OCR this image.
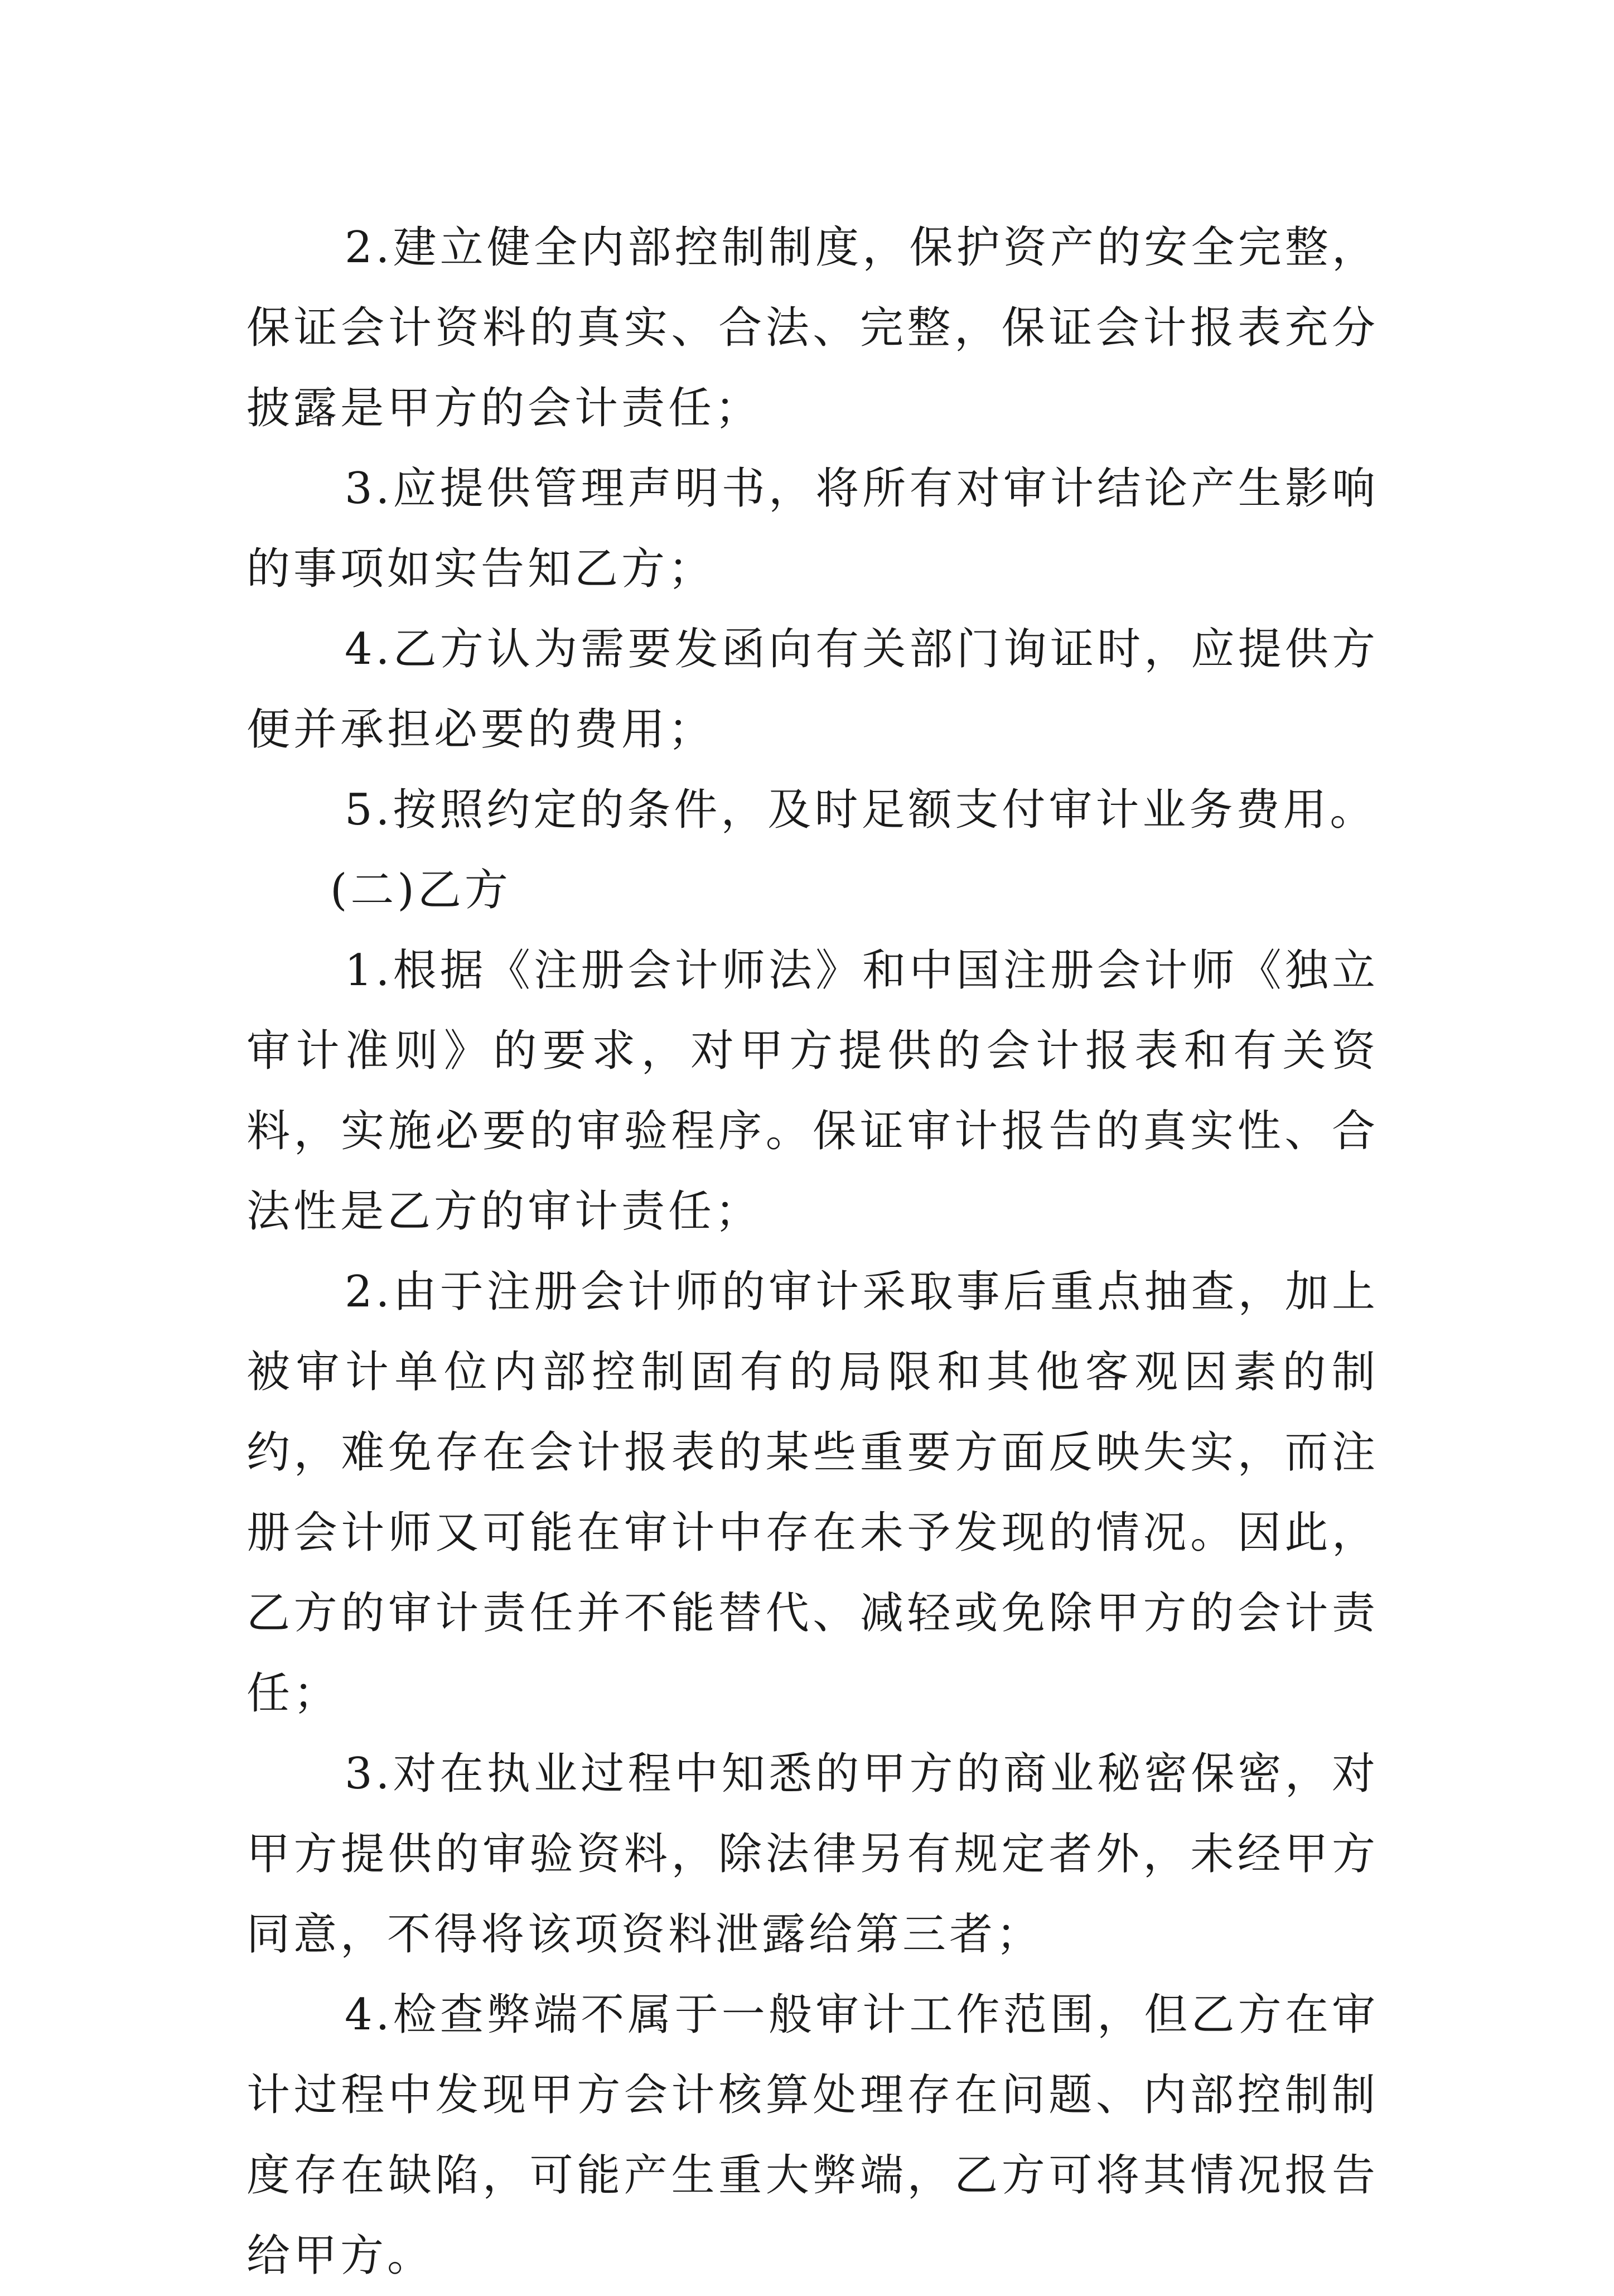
2.建立健全内部控制制度，保护资产的安全完整，保证会计资料的真实、合法、完整，保证会计报表充分披露是甲方的会计责任；

3.应提供管理声明书，将所有对审计结论产生影响的事项如实告知乙方；

4.乙方认为需要发函向有关部门询证时，应提供方便并承担必要的费用；

5.按照约定的条件，及时足额支付审计业务费用。

(二)乙方

1.根据《注册会计师法》和中国注册会计师《独立审计准则》的要求，对甲方提供的会计报表和有关资料，实施必要的审验程序。保证审计报告的真实性、合法性是乙方的审计责任；

2.由于注册会计师的审计采取事后重点抽查，加上被审计单位内部控制固有的局限和其他客观因素的制约，难免存在会计报表的某些重要方面反映失实，而注册会计师又可能在审计中存在未予发现的情况。因此，乙方的审计责任并不能替代、减轻或免除甲方的会计责任；

3.对在执业过程中知悉的甲方的商业秘密保密，对甲方提供的审验资料，除法律另有规定者外，未经甲方同意，不得将该项资料泄露给第三者；

4.检查弊端不属于一般审计工作范围，但乙方在审计过程中发现甲方会计核算处理存在问题、内部控制制度存在缺陷，可能产生重大弊端，乙方可将其情况报告给甲方。
